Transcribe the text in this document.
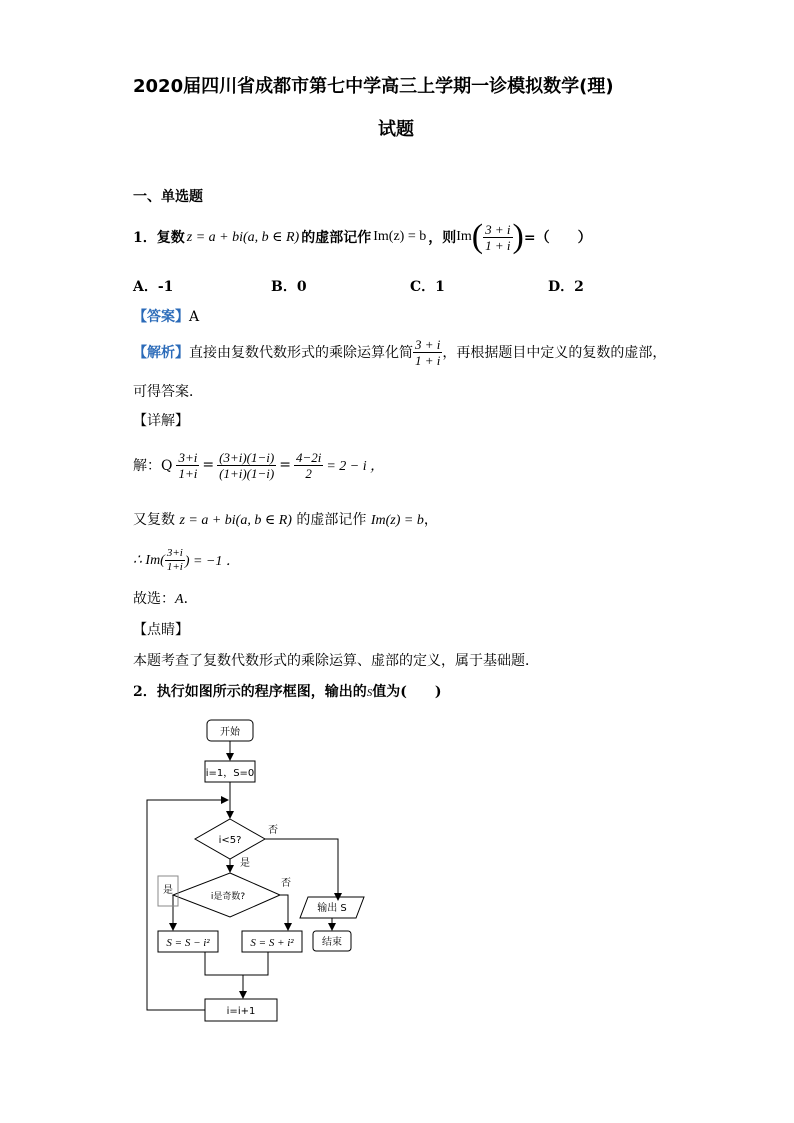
2020届四川省成都市第七中学高三上学期一诊模拟数学(理)
试题
一、单选题
1．复数 z = a + bi(a, b ∈ R) 的虚部记作 Im(z) = b ，则 Im ( $\frac{3 + i}{1 + i}$ ) =（　　）
A．-1	B．0	C．1	D．2
【答案】A
【解析】 直接由复数代数形式的乘除运算化简 $\frac{3 + i}{1 + i}$ ，再根据题目中定义的复数的虚部，
可得答案．
【详解】
解：Q $\frac{3+i}{1+i} = \frac{(3+i)(1-i)}{(1+i)(1-i)} = \frac{4-2i}{2} = 2 - i$ ，
又复数 z = a + bi(a, b ∈ R) 的虚部记作 Im(z) = b，
∴ $Im( \frac{3+i}{1+i}$ ) = −1 ．
故选：A．
【点睛】
本题考查了复数代数形式的乘除运算、虚部的定义，属于基础题．
2．执行如图所示的程序框图，输出的S值为(　　)
开始
i=1，S=0
i<5?
否
是
i是奇数?
是
否
S = S − i²	S = S + i²
输出 S
结束
i=i+1
